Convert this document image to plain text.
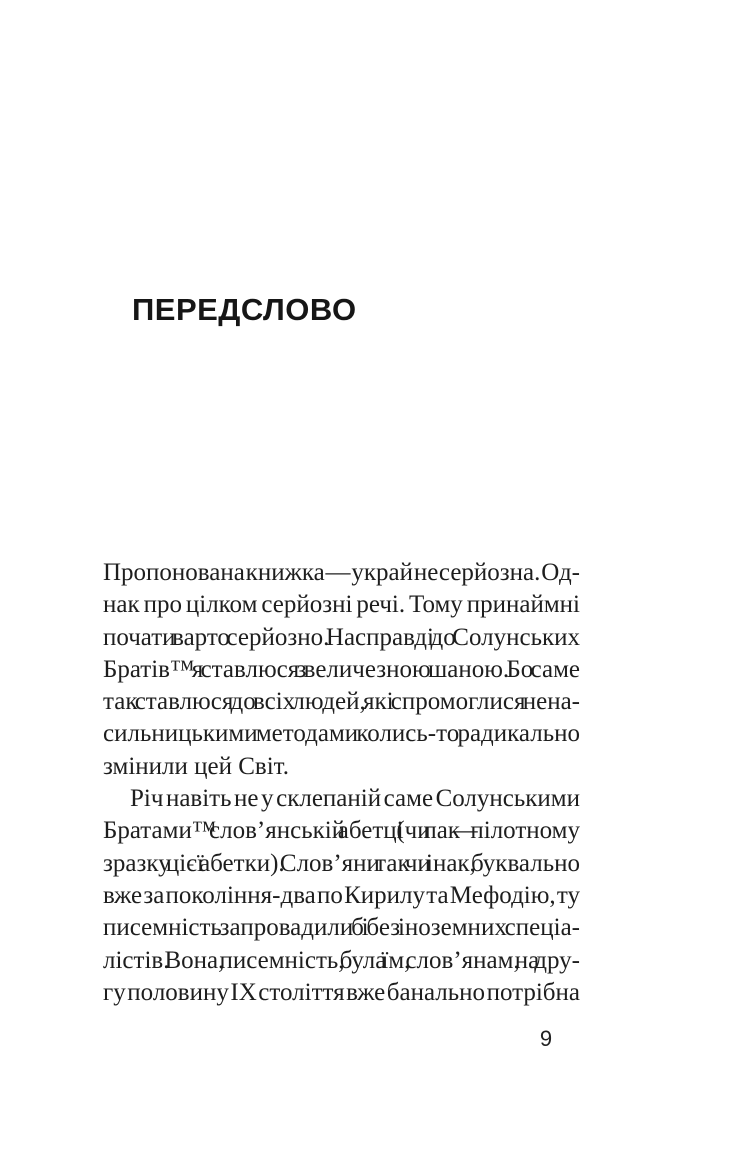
ПЕРЕДСЛОВО
Пропонована книжка — украй несерйозна. Од-
нак про цілком серйозні речі. Тому принаймні
почати варто серйозно. Насправді до Солунських
Братів™ я ставлюся з величезною шаною. Бо саме
так ставлюся до всіх людей, які спромоглися нена-
сильницькими методами колись-то радикально
змінили цей Світ.
Річ навіть не у склепаній саме Солунськими
Братами™ слов’янській абетці (чи пак — пілотному
зразку цієї абетки). Слов’яни так чи інак, буквально
вже за покоління-два по Кирилу та Мефодію, ту
писемність запровадили б і без іноземних спеціа-
лістів. Вона, писемність, була їм, слов’янам, на дру-
гу половину IX століття вже банально потрібна
9
